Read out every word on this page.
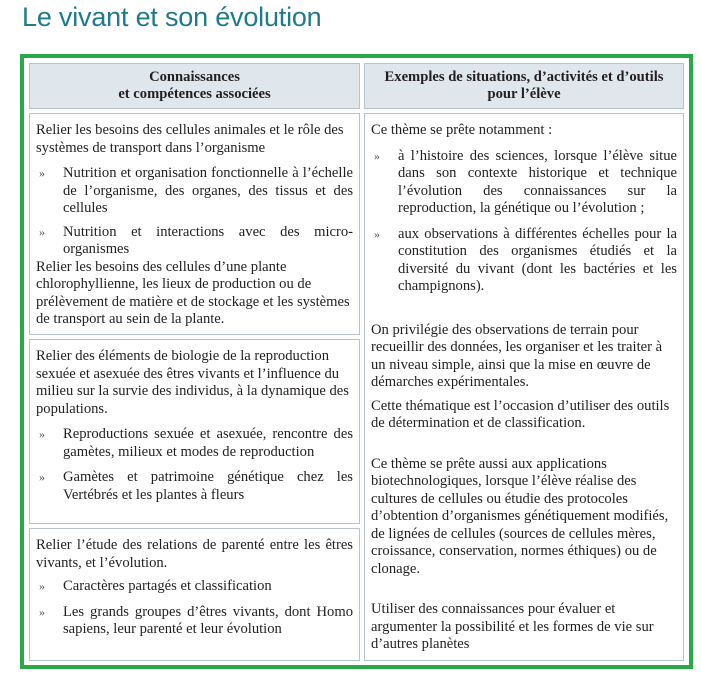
Le vivant et son évolution
Connaissances
et compétences associées
Exemples de situations, d’activités et d’outils
pour l’élève

Relier les besoins des cellules animales et le rôle des systèmes de transport dans l’organisme

» Nutrition et organisation fonctionnelle à l’échelle de l’organisme, des organes, des tissus et des cellules

» Nutrition et interactions avec des micro-organismes

Relier les besoins des cellules d’une plante chlorophyllienne, les lieux de production ou de prélèvement de matière et de stockage et les systèmes de transport au sein de la plante.

Relier des éléments de biologie de la reproduction sexuée et asexuée des êtres vivants et l’influence du milieu sur la survie des individus, à la dynamique des populations.

» Reproductions sexuée et asexuée, rencontre des gamètes, milieux et modes de reproduction

» Gamètes et patrimoine génétique chez les Vertébrés et les plantes à fleurs

Relier l’étude des relations de parenté entre les êtres vivants, et l’évolution.

» Caractères partagés et classification

» Les grands groupes d’êtres vivants, dont Homo sapiens, leur parenté et leur évolution

Ce thème se prête notamment :

» à l’histoire des sciences, lorsque l’élève situe dans son contexte historique et technique l’évolution des connaissances sur la reproduction, la génétique ou l’évolution ;

» aux observations à différentes échelles pour la constitution des organismes étudiés et la diversité du vivant (dont les bactéries et les champignons).

On privilégie des observations de terrain pour recueillir des données, les organiser et les traiter à un niveau simple, ainsi que la mise en œuvre de démarches expérimentales.

Cette thématique est l’occasion d’utiliser des outils de détermination et de classification.

Ce thème se prête aussi aux applications biotechnologiques, lorsque l’élève réalise des cultures de cellules ou étudie des protocoles d’obtention d’organismes génétiquement modifiés, de lignées de cellules (sources de cellules mères, croissance, conservation, normes éthiques) ou de clonage.

Utiliser des connaissances pour évaluer et argumenter la possibilité et les formes de vie sur d’autres planètes
